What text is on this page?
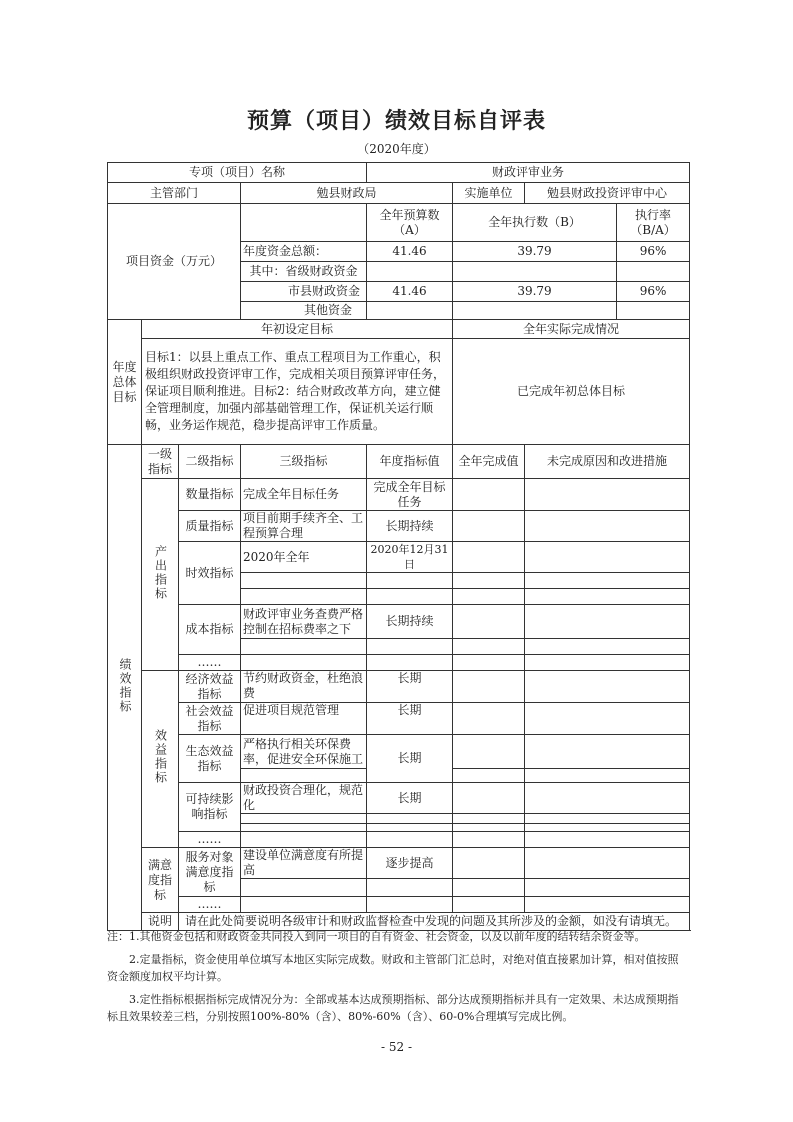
预算（项目）绩效目标自评表
（2020年度）
专项（项目）名称				财政评审业务			
主管部门			勉县财政局		实施单位	勉县财政投资评审中心	
项目资金（万元）				全年预算数（A）	全年执行数（B）		执行率（B/A）
			年度资金总额：	41.46	39.79		96%
			其中：省级财政资金				
			市县财政资金	41.46	39.79		96%
			其他资金				
年度总体目标	年初设定目标				全年实际完成情况		
	目标1：以县上重点工作、重点工程项目为工作重心，积极组织财政投资评审工作，完成相关项目预算评审任务，保证项目顺利推进。目标2：结合财政改革方向，建立健全管理制度，加强内部基础管理工作，保证机关运行顺畅，业务运作规范，稳步提高评审工作质量。				已完成年初总体目标		
绩效指标	一级指标	二级指标	三级指标	年度指标值	全年完成值	未完成原因和改进措施	
	产出指标	数量指标	完成全年目标任务	完成全年目标任务			
		质量指标	项目前期手续齐全、工程预算合理	长期持续			
		时效指标	2020年全年	2020年12月31日			

		成本指标	财政评审业务查费严格控制在招标费率之下	长期持续			

		……					
	效益指标	经济效益指标	节约财政资金，杜绝浪费	长期			
		社会效益指标	促进项目规范管理	长期			
		生态效益指标	严格执行相关环保费率，促进安全环保施工	长期			

		可持续影响指标	财政投资合理化，规范化	长期			

		……					
	满意度指标	服务对象满意度指标	建设单位满意度有所提高	逐步提高			

		……					
	说明	请在此处简要说明各级审计和财政监督检查中发现的问题及其所涉及的金额，如没有请填无。					

注：1.其他资金包括和财政资金共同投入到同一项目的自有资金、社会资金，以及以前年度的结转结余资金等。

2.定量指标，资金使用单位填写本地区实际完成数。财政和主管部门汇总时，对绝对值直接累加计算，相对值按照资金额度加权平均计算。

3.定性指标根据指标完成情况分为：全部或基本达成预期指标、部分达成预期指标并具有一定效果、未达成预期指标且效果较差三档，分别按照100%-80%（含）、80%-60%（含）、60-0%合理填写完成比例。

- 52 -
